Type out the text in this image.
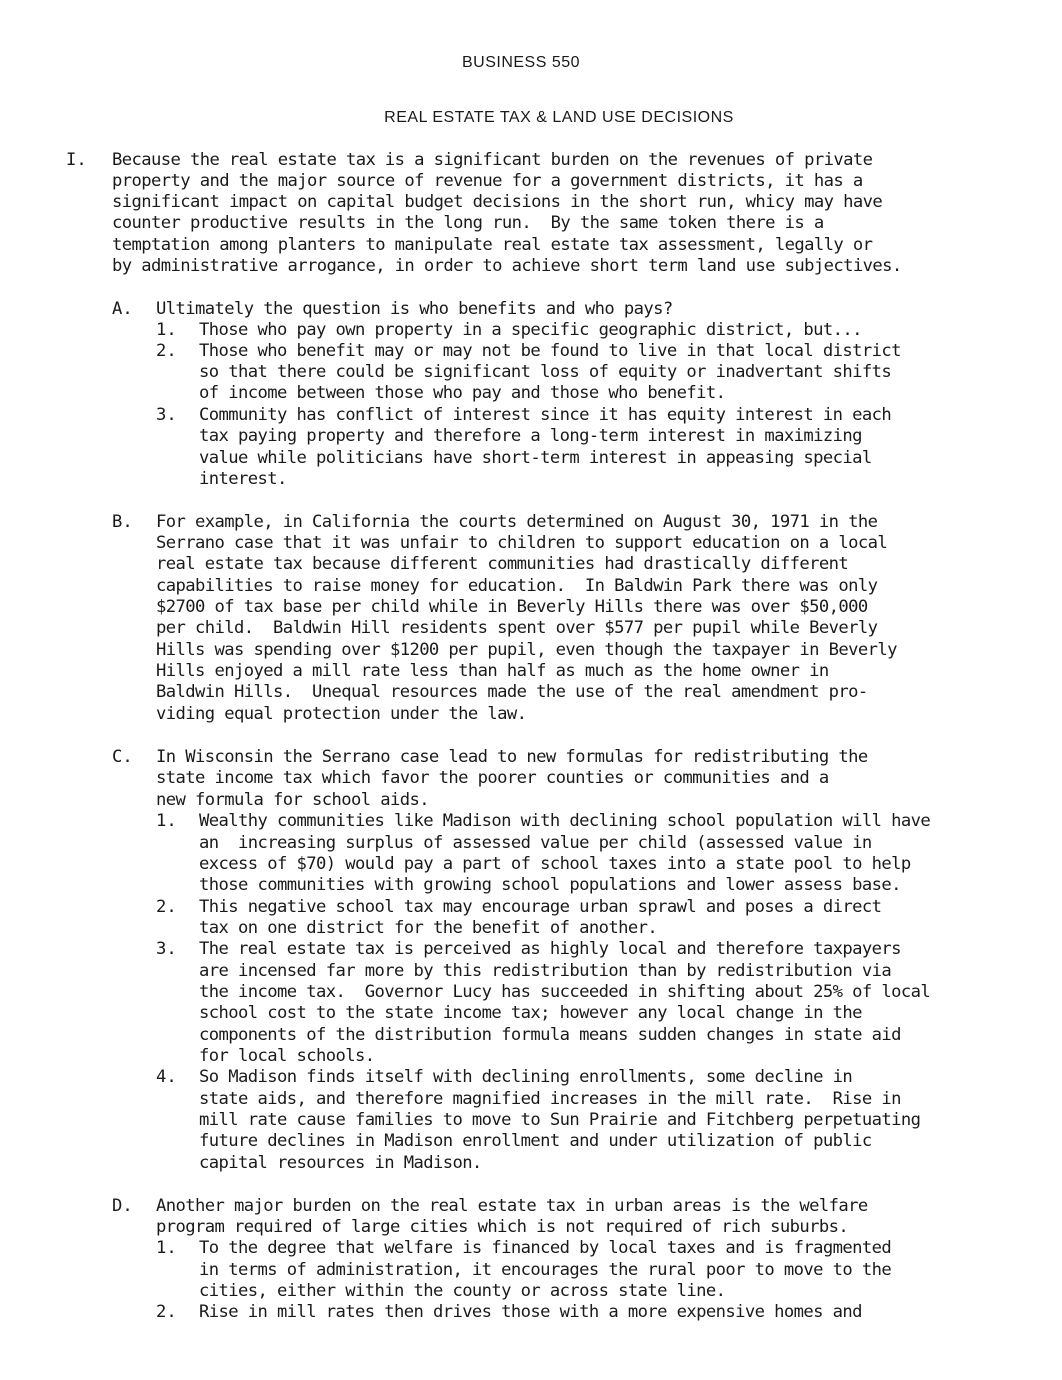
BUSINESS 550
REAL ESTATE TAX & LAND USE DECISIONS
I. Because the real estate tax is a significant burden on the revenues of private
property and the major source of revenue for a government districts, it has a
significant impact on capital budget decisions in the short run, whicy may have
counter productive results in the long run.  By the same token there is a
temptation among planters to manipulate real estate tax assessment, legally or
by administrative arrogance, in order to achieve short term land use subjectives.
A. Ultimately the question is who benefits and who pays?
1. Those who pay own property in a specific geographic district, but...
2. Those who benefit may or may not be found to live in that local district
so that there could be significant loss of equity or inadvertant shifts
of income between those who pay and those who benefit.
3. Community has conflict of interest since it has equity interest in each
tax paying property and therefore a long-term interest in maximizing
value while politicians have short-term interest in appeasing special
interest.
B. For example, in California the courts determined on August 30, 1971 in the
Serrano case that it was unfair to children to support education on a local
real estate tax because different communities had drastically different
capabilities to raise money for education.  In Baldwin Park there was only
$2700 of tax base per child while in Beverly Hills there was over $50,000
per child.  Baldwin Hill residents spent over $577 per pupil while Beverly
Hills was spending over $1200 per pupil, even though the taxpayer in Beverly
Hills enjoyed a mill rate less than half as much as the home owner in
Baldwin Hills.  Unequal resources made the use of the real amendment pro-
viding equal protection under the law.
C. In Wisconsin the Serrano case lead to new formulas for redistributing the
state income tax which favor the poorer counties or communities and a
new formula for school aids.
1. Wealthy communities like Madison with declining school population will have
an  increasing surplus of assessed value per child (assessed value in
excess of $70) would pay a part of school taxes into a state pool to help
those communities with growing school populations and lower assess base.
2. This negative school tax may encourage urban sprawl and poses a direct
tax on one district for the benefit of another.
3. The real estate tax is perceived as highly local and therefore taxpayers
are incensed far more by this redistribution than by redistribution via
the income tax.  Governor Lucy has succeeded in shifting about 25% of local
school cost to the state income tax; however any local change in the
components of the distribution formula means sudden changes in state aid
for local schools.
4. So Madison finds itself with declining enrollments, some decline in
state aids, and therefore magnified increases in the mill rate.  Rise in
mill rate cause families to move to Sun Prairie and Fitchberg perpetuating
future declines in Madison enrollment and under utilization of public
capital resources in Madison.
D. Another major burden on the real estate tax in urban areas is the welfare
program required of large cities which is not required of rich suburbs.
1. To the degree that welfare is financed by local taxes and is fragmented
in terms of administration, it encourages the rural poor to move to the
cities, either within the county or across state line.
2. Rise in mill rates then drives those with a more expensive homes and
